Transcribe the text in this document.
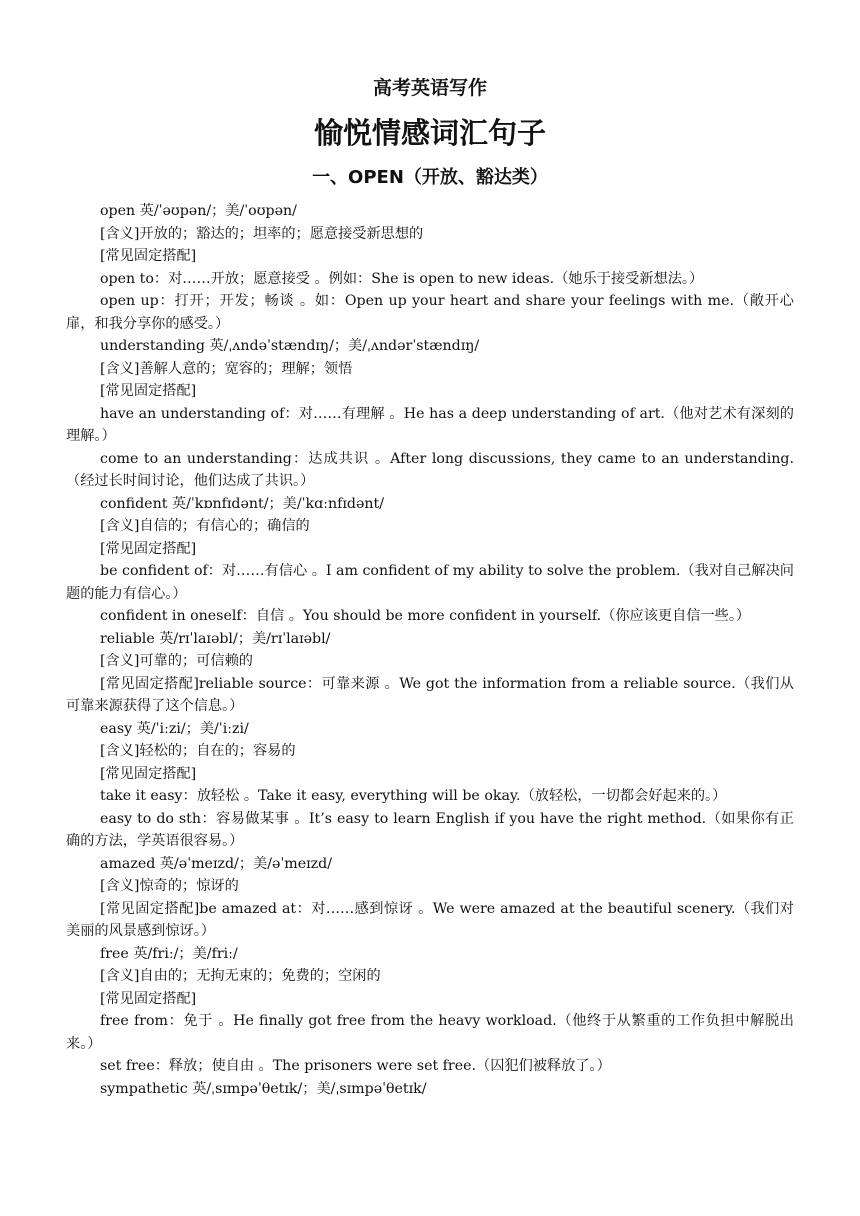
高考英语写作
愉悦情感词汇句子
一、OPEN（开放、豁达类）
open 英/ˈəʊpən/；美/ˈoʊpən/
[含义]开放的；豁达的；坦率的；愿意接受新思想的
[常见固定搭配]
open to：对……开放；愿意接受 。例如：She is open to new ideas.（她乐于接受新想法。）
open up：打开；开发；畅谈 。如：Open up your heart and share your feelings with me.（敞开心扉，和我分享你的感受。）
understanding 英/ˌʌndəˈstændɪŋ/；美/ˌʌndərˈstændɪŋ/
[含义]善解人意的；宽容的；理解；领悟
[常见固定搭配]
have an understanding of：对……有理解 。He has a deep understanding of art.（他对艺术有深刻的理解。）
come to an understanding：达成共识 。After long discussions, they came to an understanding.（经过长时间讨论，他们达成了共识。）
confident 英/ˈkɒnfɪdənt/；美/ˈkɑːnfɪdənt/
[含义]自信的；有信心的；确信的
[常见固定搭配]
be confident of：对……有信心 。I am confident of my ability to solve the problem.（我对自己解决问题的能力有信心。）
confident in oneself：自信 。You should be more confident in yourself.（你应该更自信一些。）
reliable 英/rɪˈlaɪəbl/；美/rɪˈlaɪəbl/
[含义]可靠的；可信赖的
[常见固定搭配]reliable source：可靠来源 。We got the information from a reliable source.（我们从可靠来源获得了这个信息。）
easy 英/ˈiːzi/；美/ˈiːzi/
[含义]轻松的；自在的；容易的
[常见固定搭配]
take it easy：放轻松 。Take it easy, everything will be okay.（放轻松，一切都会好起来的。）
easy to do sth：容易做某事 。It’s easy to learn English if you have the right method.（如果你有正确的方法，学英语很容易。）
amazed 英/əˈmeɪzd/；美/əˈmeɪzd/
[含义]惊奇的；惊讶的
[常见固定搭配]be amazed at：对……感到惊讶 。We were amazed at the beautiful scenery.（我们对美丽的风景感到惊讶。）
free 英/friː/；美/friː/
[含义]自由的；无拘无束的；免费的；空闲的
[常见固定搭配]
free from：免于 。He finally got free from the heavy workload.（他终于从繁重的工作负担中解脱出来。）
set free：释放；使自由 。The prisoners were set free.（囚犯们被释放了。）
sympathetic 英/ˌsɪmpəˈθetɪk/；美/ˌsɪmpəˈθetɪk/
